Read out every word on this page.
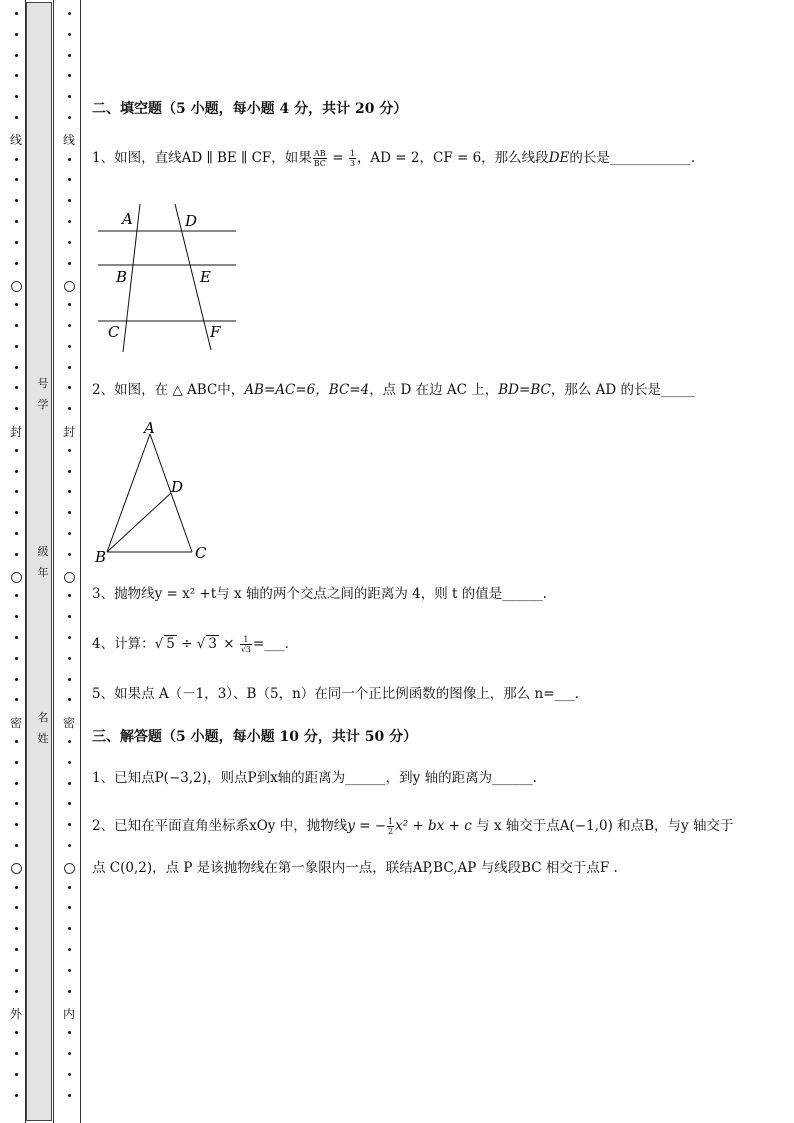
线
封
密
外
线
封
密
内
号
学
级
年
名
姓
二、填空题（5 小题，每小题 4 分，共计 20 分）
1、如图，直线AD ∥ BE ∥ CF，如果 $\frac{AB}{BC} = \frac{1}{3}$ ，AD = 2，CF = 6，那么线段DE的长是____________.
A	D
B	E
C	F
2、如图，在 △ ABC中，AB=AC=6，BC=4，点 D 在边 AC 上，BD=BC，那么 AD 的长是_____
A
D
B	C
3、抛物线y = x² +t与 x 轴的两个交点之间的距离为 4，则 t 的值是______.
4、计算：√ 5 ÷ √ $3 \times \frac{1}{√3}$ =___.
5、如果点 A（－1，3）、B（5，n）在同一个正比例函数的图像上，那么 n=___.
三、解答题（5 小题，每小题 10 分，共计 50 分）
1、已知点P(−3,2)，则点P到x轴的距离为______，到y 轴的距离为______.
2、已知在平面直角坐标系xOy 中，抛物线y = − $\frac{1}{2} x^2$ + bx + c 与 x 轴交于点A(−1,0) 和点B，与y 轴交于
点 C(0,2)，点 P 是该抛物线在第一象限内一点，联结AP,BC,AP 与线段BC 相交于点F .
